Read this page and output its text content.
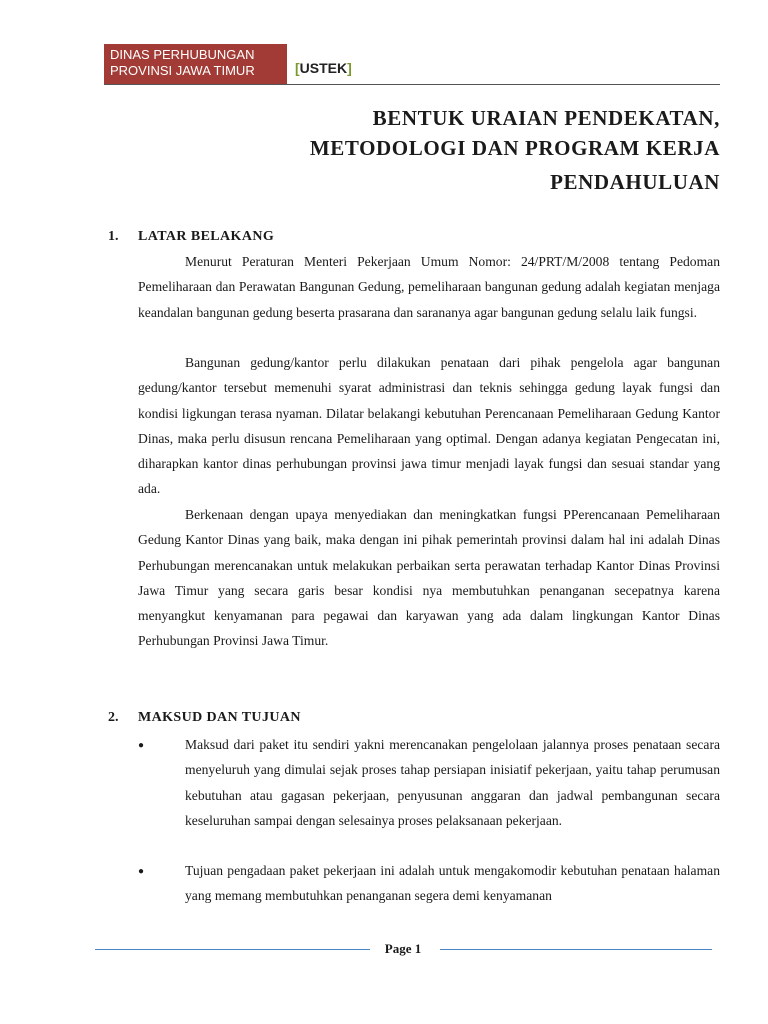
DINAS PERHUBUNGAN
PROVINSI JAWA TIMUR	[USTEK]
BENTUK URAIAN PENDEKATAN,
METODOLOGI DAN PROGRAM KERJA
PENDAHULUAN
1. LATAR BELAKANG
Menurut Peraturan Menteri Pekerjaan Umum Nomor: 24/PRT/M/2008 tentang Pedoman Pemeliharaan dan Perawatan Bangunan Gedung, pemeliharaan bangunan gedung adalah kegiatan menjaga keandalan bangunan gedung beserta prasarana dan sarananya agar bangunan gedung selalu laik fungsi.
Bangunan gedung/kantor perlu dilakukan penataan dari pihak pengelola agar bangunan gedung/kantor tersebut memenuhi syarat administrasi dan teknis sehingga gedung layak fungsi dan kondisi ligkungan terasa nyaman. Dilatar belakangi kebutuhan Perencanaan Pemeliharaan Gedung Kantor Dinas, maka perlu disusun rencana Pemeliharaan yang optimal. Dengan adanya kegiatan Pengecatan ini, diharapkan kantor dinas perhubungan provinsi jawa timur menjadi layak fungsi dan sesuai standar yang ada.
Berkenaan dengan upaya menyediakan dan meningkatkan fungsi PPerencanaan Pemeliharaan Gedung Kantor Dinas yang baik, maka dengan ini pihak pemerintah provinsi dalam hal ini adalah Dinas Perhubungan merencanakan untuk melakukan perbaikan serta perawatan terhadap Kantor Dinas Provinsi Jawa Timur yang secara garis besar kondisi nya membutuhkan penanganan secepatnya karena menyangkut kenyamanan para pegawai dan karyawan yang ada dalam lingkungan Kantor Dinas Perhubungan Provinsi Jawa Timur.
2. MAKSUD DAN TUJUAN
●	Maksud dari paket itu sendiri yakni merencanakan pengelolaan jalannya proses penataan secara menyeluruh yang dimulai sejak proses tahap persiapan inisiatif pekerjaan, yaitu tahap perumusan kebutuhan atau gagasan pekerjaan, penyusunan anggaran dan jadwal pembangunan secara keseluruhan sampai dengan selesainya proses pelaksanaan pekerjaan.
●	Tujuan pengadaan paket pekerjaan ini adalah untuk mengakomodir kebutuhan penataan halaman yang memang membutuhkan penanganan segera demi kenyamanan
Page 1
